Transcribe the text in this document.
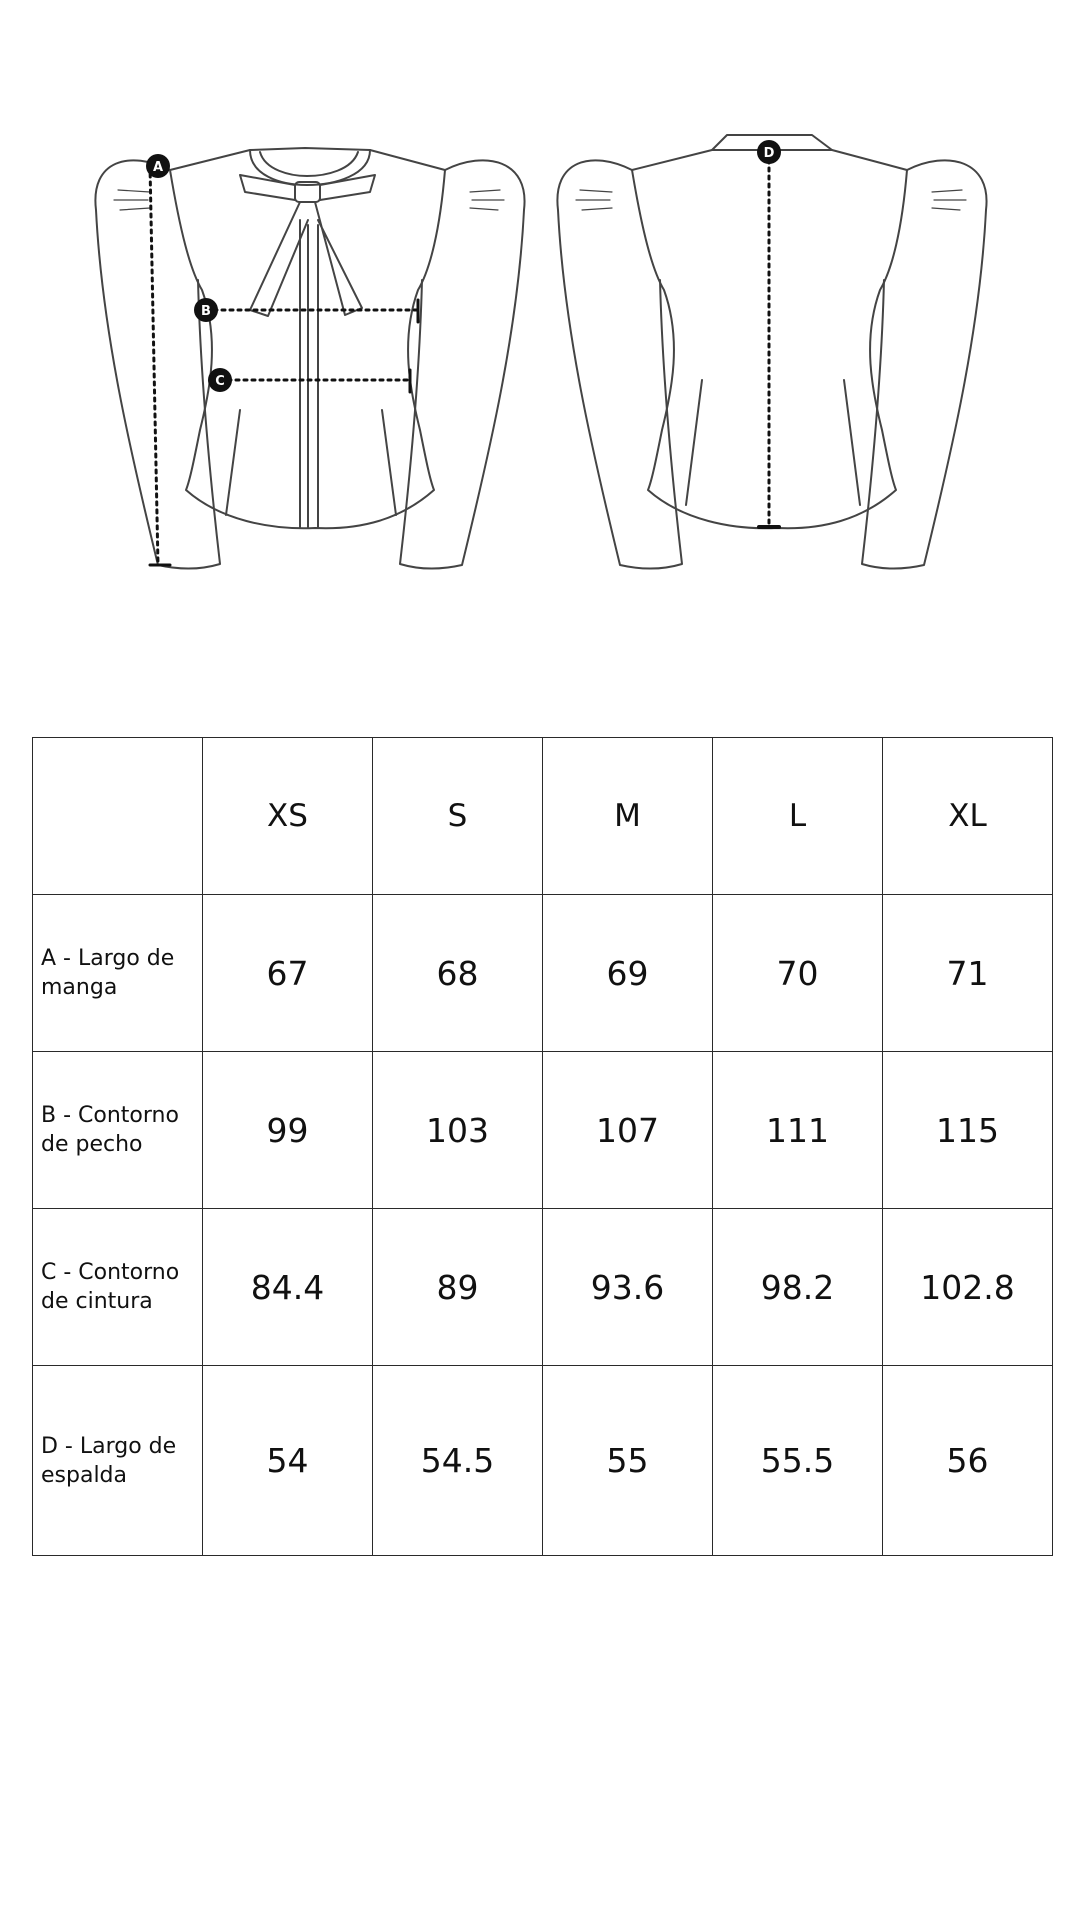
A
B
C
D
	XS	S	M	L	XL
A - Largo de manga	67	68	69	70	71
B - Contorno de pecho	99	103	107	111	115
C - Contorno de cintura	84.4	89	93.6	98.2	102.8
D - Largo de espalda	54	54.5	55	55.5	56
